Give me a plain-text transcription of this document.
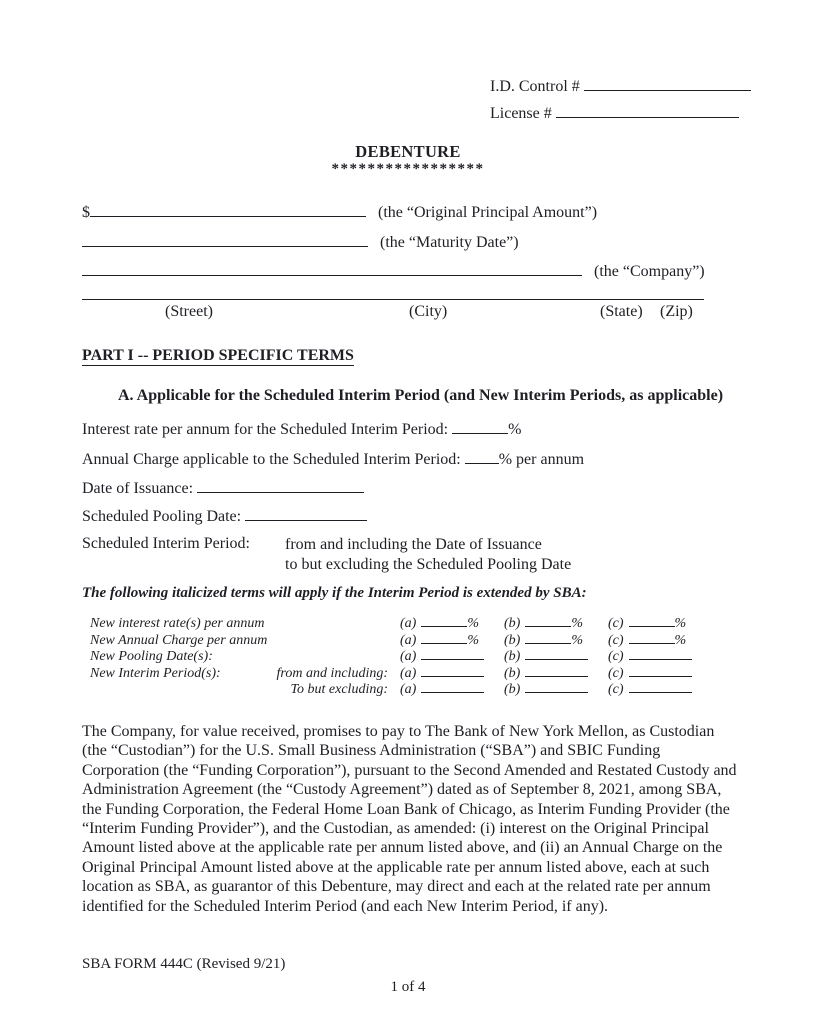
I.D. Control #
License #
DEBENTURE
*****************
$	(the “Original Principal Amount”)
(the “Maturity Date”)
(the “Company”)
(Street)	(City)	(State) (Zip)
PART I -- PERIOD SPECIFIC TERMS
A. Applicable for the Scheduled Interim Period (and New Interim Periods, as applicable)
Interest rate per annum for the Scheduled Interim Period:	%
Annual Charge applicable to the Scheduled Interim Period: % per annum
Date of Issuance:
Scheduled Pooling Date:
Scheduled Interim Period:	from and including the Date of Issuance
to but excluding the Scheduled Pooling Date
The following italicized terms will apply if the Interim Period is extended by SBA:
New interest rate(s) per annum	(a)	%	(b)	%	(c)	%
New Annual Charge per annum	(a)	%	(b)	%	(c)	%
New Pooling Date(s):	(a)	(b)	(c)
New Interim Period(s):	from and including: (a)	(b)	(c)
To but excluding: (a)	(b)	(c)
The Company, for value received, promises to pay to The Bank of New York Mellon, as Custodian (the “Custodian”) for the U.S. Small Business Administration (“SBA”) and SBIC Funding Corporation (the “Funding Corporation”), pursuant to the Second Amended and Restated Custody and Administration Agreement (the “Custody Agreement”) dated as of September 8, 2021, among SBA, the Funding Corporation, the Federal Home Loan Bank of Chicago, as Interim Funding Provider (the “Interim Funding Provider”), and the Custodian, as amended: (i) interest on the Original Principal Amount listed above at the applicable rate per annum listed above, and (ii) an Annual Charge on the Original Principal Amount listed above at the applicable rate per annum listed above, each at such location as SBA, as guarantor of this Debenture, may direct and each at the related rate per annum identified for the Scheduled Interim Period (and each New Interim Period, if any).
SBA FORM 444C (Revised 9/21)
1 of 4
